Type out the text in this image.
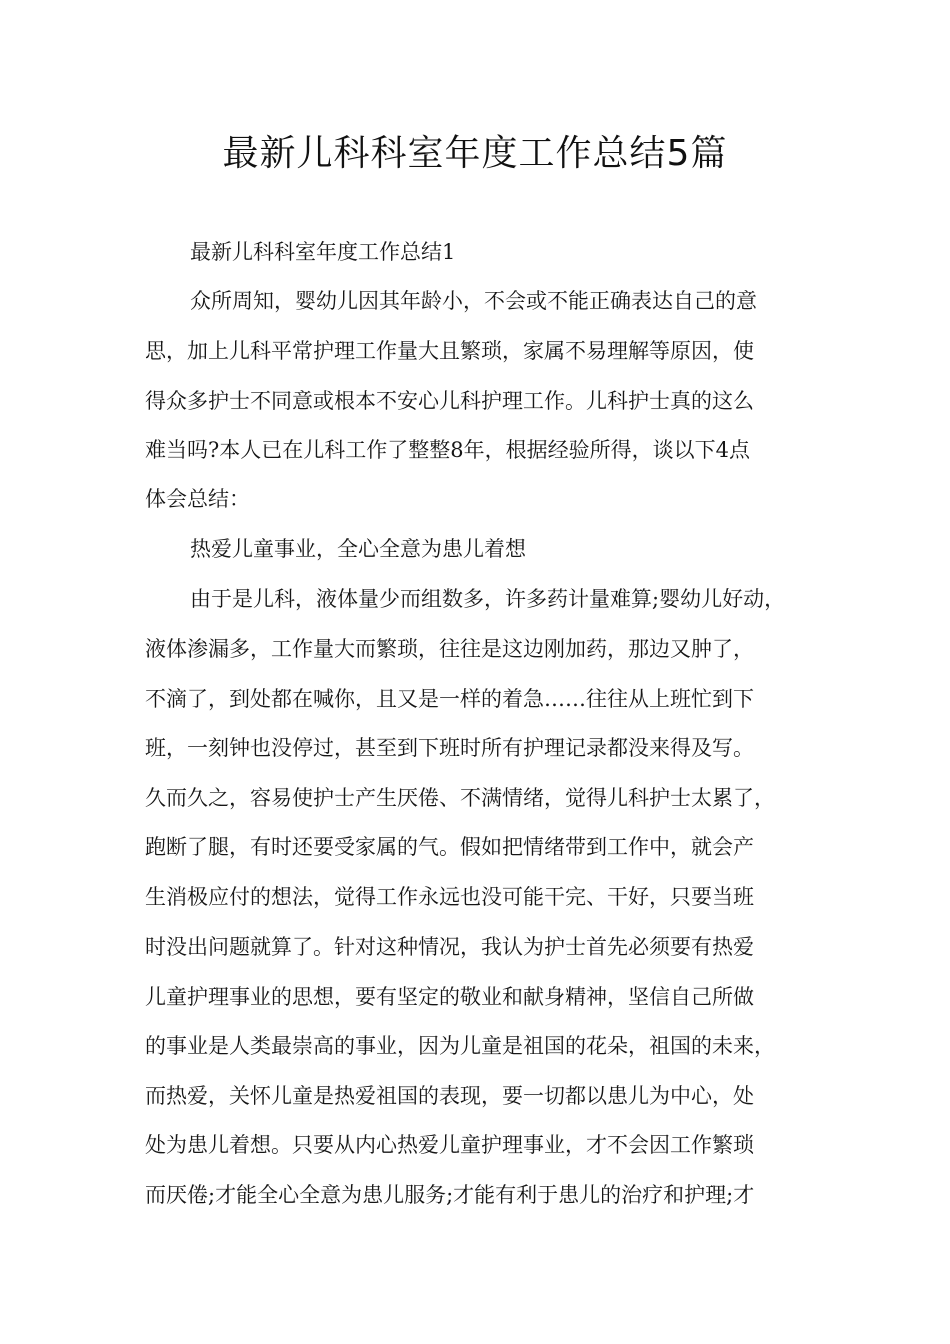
最新儿科科室年度工作总结5篇

最新儿科科室年度工作总结1

众所周知，婴幼儿因其年龄小，不会或不能正确表达自己的意

思，加上儿科平常护理工作量大且繁琐，家属不易理解等原因，使

得众多护士不同意或根本不安心儿科护理工作。儿科护士真的这么

难当吗?本人已在儿科工作了整整8年，根据经验所得，谈以下4点

体会总结：

热爱儿童事业，全心全意为患儿着想

由于是儿科，液体量少而组数多，许多药计量难算;婴幼儿好动，

液体渗漏多，工作量大而繁琐，往往是这边刚加药，那边又肿了，

不滴了，到处都在喊你，且又是一样的着急……往往从上班忙到下

班，一刻钟也没停过，甚至到下班时所有护理记录都没来得及写。

久而久之，容易使护士产生厌倦、不满情绪，觉得儿科护士太累了，

跑断了腿，有时还要受家属的气。假如把情绪带到工作中，就会产

生消极应付的想法，觉得工作永远也没可能干完、干好，只要当班

时没出问题就算了。针对这种情况，我认为护士首先必须要有热爱

儿童护理事业的思想，要有坚定的敬业和献身精神，坚信自己所做

的事业是人类最崇高的事业，因为儿童是祖国的花朵，祖国的未来，

而热爱，关怀儿童是热爱祖国的表现，要一切都以患儿为中心，处

处为患儿着想。只要从内心热爱儿童护理事业，才不会因工作繁琐

而厌倦;才能全心全意为患儿服务;才能有利于患儿的治疗和护理;才
